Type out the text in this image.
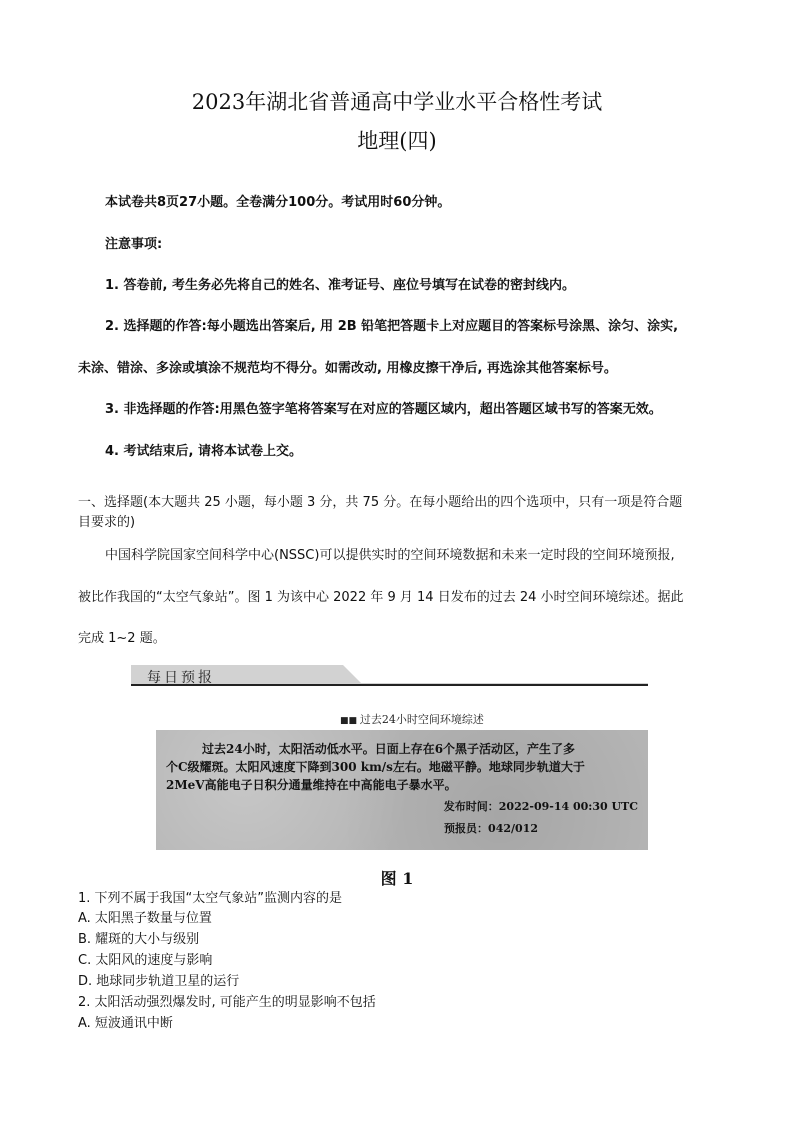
2023年湖北省普通高中学业水平合格性考试
地理(四)
本试卷共8页27小题。全卷满分100分。考试用时60分钟。
注意事项:
1. 答卷前, 考生务必先将自己的姓名、准考证号、座位号填写在试卷的密封线内。
2. 选择题的作答:每小题选出答案后, 用 2B 铅笔把答题卡上对应题目的答案标号涂黑、涂匀、涂实,
未涂、错涂、多涂或填涂不规范均不得分。如需改动, 用橡皮擦干净后, 再选涂其他答案标号。
3. 非选择题的作答:用黑色签字笔将答案写在对应的答题区域内，超出答题区域书写的答案无效。
4. 考试结束后, 请将本试卷上交。
一、选择题(本大题共 25 小题，每小题 3 分，共 75 分。在每小题给出的四个选项中，只有一项是符合题
目要求的)
中国科学院国家空间科学中心(NSSC)可以提供实时的空间环境数据和未来一定时段的空间环境预报,
被比作我国的“太空气象站”。图 1 为该中心 2022 年 9 月 14 日发布的过去 24 小时空间环境综述。据此
完成 1~2 题。
每日预报
■■ 过去24小时空间环境综述
过去24小时，太阳活动低水平。日面上存在6个黑子活动区，产生了多
个C级耀斑。太阳风速度下降到300 km/s左右。地磁平静。地球同步轨道大于
2MeV高能电子日积分通量维持在中高能电子暴水平。
发布时间：2022-09-14 00:30 UTC
预报员：042/012
图 1
1. 下列不属于我国“太空气象站”监测内容的是
A. 太阳黑子数量与位置
B. 耀斑的大小与级别
C. 太阳风的速度与影响
D. 地球同步轨道卫星的运行
2. 太阳活动强烈爆发时, 可能产生的明显影响不包括
A. 短波通讯中断
